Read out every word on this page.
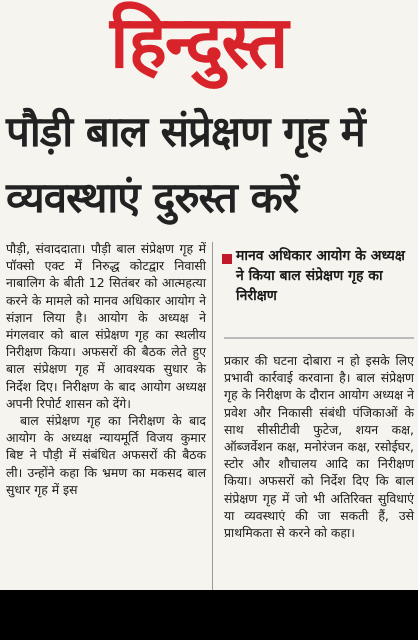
हिन्दुस्त
पौड़ी बाल संप्रेक्षण गृह में
व्यवस्थाएं दुरुस्त करें

पौड़ी, संवाददाता। पौड़ी बाल संप्रेक्षण गृह में पॉक्सो एक्ट में निरुद्ध कोटद्वार निवासी नाबालिग के बीती 12 सितंबर को आत्महत्या करने के मामले को मानव अधिकार आयोग ने संज्ञान लिया है। आयोग के अध्यक्ष ने मंगलवार को बाल संप्रेक्षण गृह का स्थलीय निरीक्षण किया। अफसरों की बैठक लेते हुए बाल संप्रेक्षण गृह में आवश्यक सुधार के निर्देश दिए। निरीक्षण के बाद आयोग अध्यक्ष अपनी रिपोर्ट शासन को देंगे।

बाल संप्रेक्षण गृह का निरीक्षण के बाद आयोग के अध्यक्ष न्यायमूर्ति विजय कुमार बिष्ट ने पौड़ी में संबंधित अफसरों की बैठक ली। उन्होंने कहा कि भ्रमण का मकसद बाल सुधार गृह में इस

मानव अधिकार आयोग के अध्यक्ष ने किया बाल संप्रेक्षण गृह का निरीक्षण

प्रकार की घटना दोबारा न हो इसके लिए प्रभावी कार्रवाई करवाना है। बाल संप्रेक्षण गृह के निरीक्षण के दौरान आयोग अध्यक्ष ने प्रवेश और निकासी संबंधी पंजिकाओं के साथ सीसीटीवी फुटेज, शयन कक्ष, ऑब्जर्वेशन कक्ष, मनोरंजन कक्ष, रसोईघर, स्टोर और शौचालय आदि का निरीक्षण किया। अफसरों को निर्देश दिए कि बाल संप्रेक्षण गृह में जो भी अतिरिक्त सुविधाएं या व्यवस्थाएं की जा सकती हैं, उसे प्राथमिकता से करने को कहा।
